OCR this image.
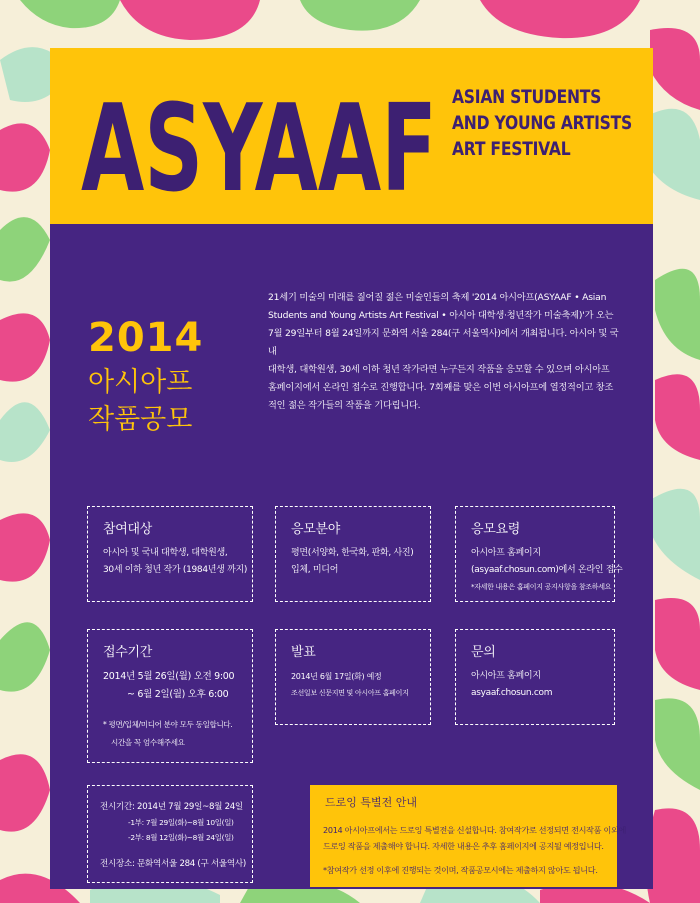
ASYAAF ASIAN STUDENTS
AND YOUNG ARTISTS
ART FESTIVAL
2014
아시아프
작품공모
21세기 미술의 미래를 짊어질 젊은 미술인들의 축제 '2014 아시아프(ASYAAF • Asian
Students and Young Artists Art Festival • 아시아 대학생·청년작가 미술축제)'가 오는
7월 29일부터 8월 24일까지 문화역 서울 284(구 서울역사)에서 개최됩니다. 아시아 및 국내
대학생, 대학원생, 30세 이하 청년 작가라면 누구든지 작품을 응모할 수 있으며 아시아프
홈페이지에서 온라인 접수로 진행합니다. 7회째를 맞은 이번 아시아프에 열정적이고 창조
적인 젊은 작가들의 작품을 기다립니다.
참여대상
아시아 및 국내 대학생, 대학원생,
30세 이하 청년 작가 (1984년생 까지)
응모분야
평면(서양화, 한국화, 판화, 사진)
입체, 미디어
응모요령
아시아프 홈페이지
(asyaaf.chosun.com)에서 온라인 접수
*자세한 내용은 홈페이지 공지사항을 참조하세요
접수기간
2014년 5월 26일(월) 오전 9:00
~ 6월 2일(월) 오후 6:00
* 평면/입체/미디어 분야 모두 동일합니다.
시간을 꼭 엄수해주세요
발표
2014년 6월 17일(화) 예정
조선일보 신문지면 및 아시아프 홈페이지
문의
아시아프 홈페이지
asyaaf.chosun.com
전시기간: 2014년 7월 29일~8월 24일
-1부: 7월 29일(화)~8월 10일(일)
-2부: 8월 12일(화)~8월 24일(일)
전시장소: 문화역서울 284 (구 서울역사)
드로잉 특별전 안내
2014 아시아프에서는 드로잉 특별전을 신설합니다. 참여작가로 선정되면 전시작품 이외에
드로잉 작품을 제출해야 합니다. 자세한 내용은 추후 홈페이지에 공지될 예정입니다.
*참여작가 선정 이후에 진행되는 것이며, 작품공모시에는 제출하지 않아도 됩니다.
